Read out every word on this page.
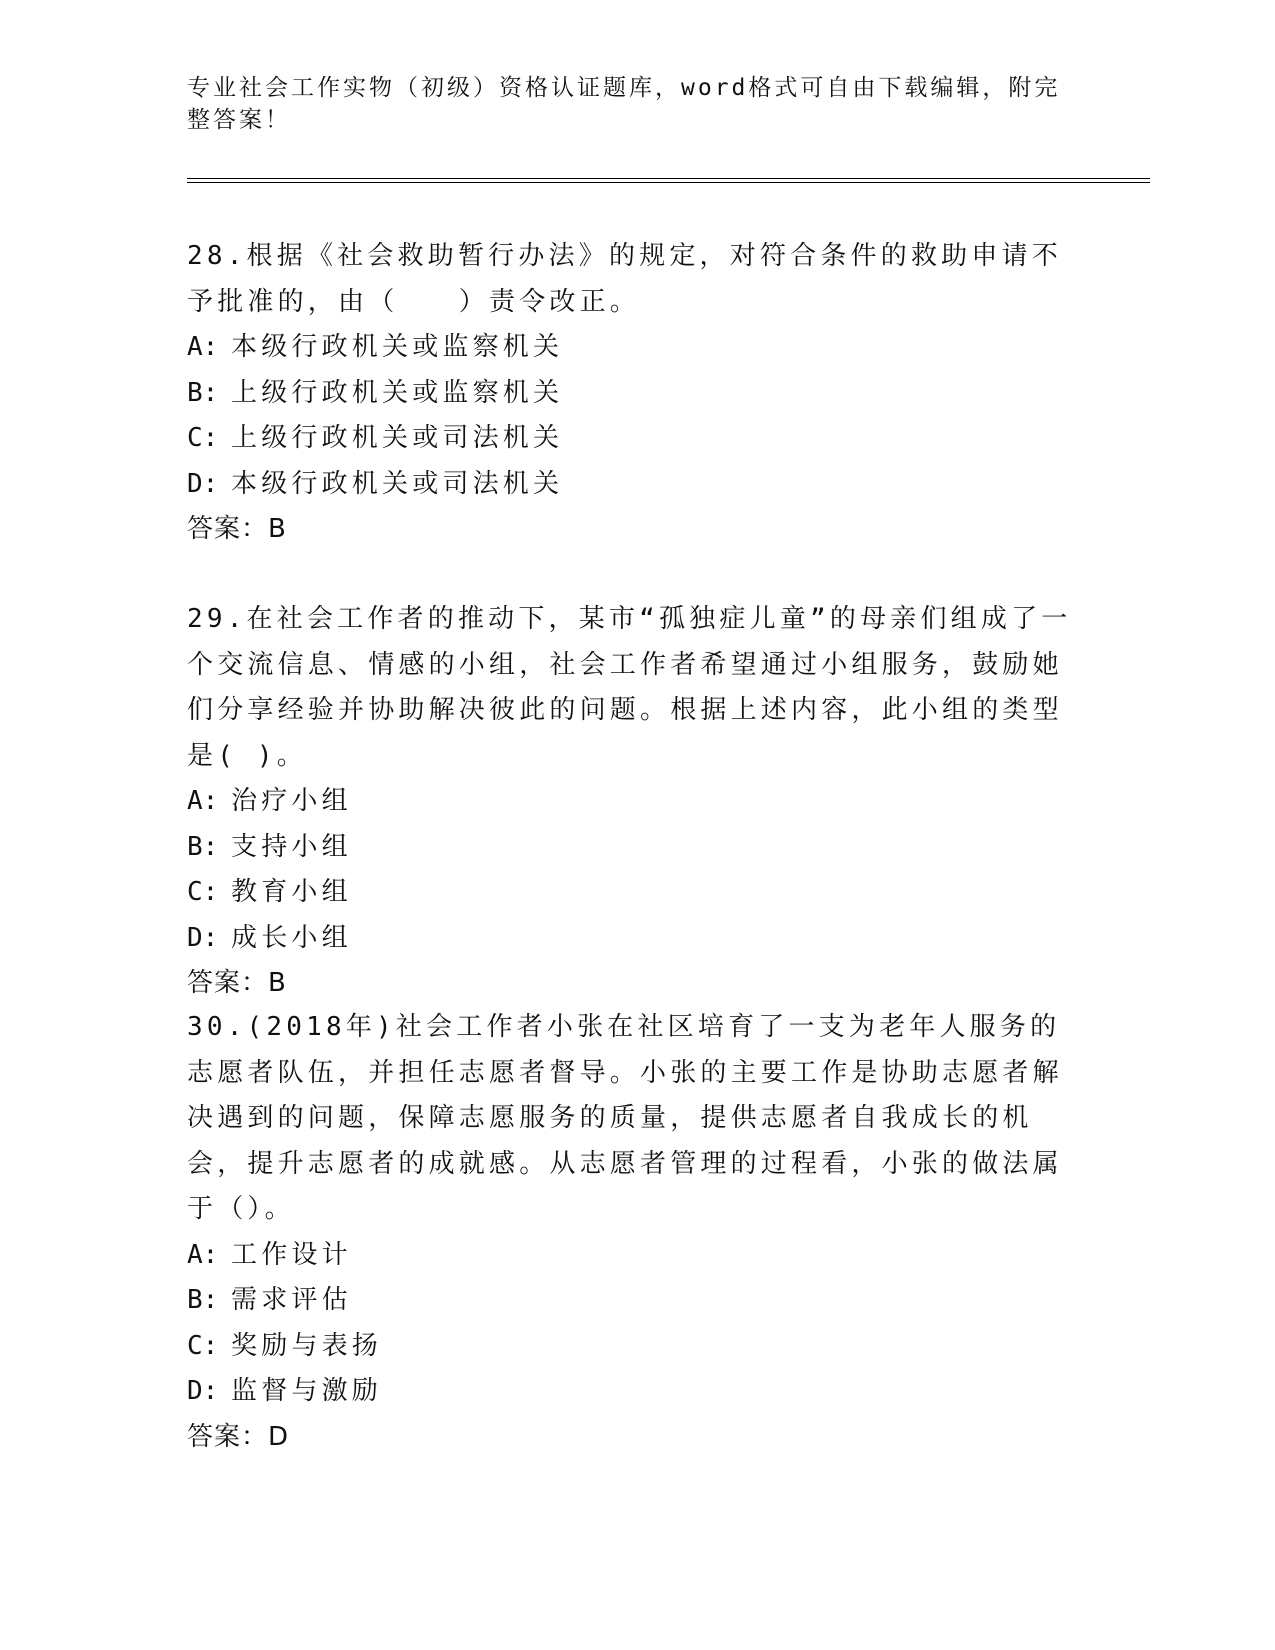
专业社会工作实物（初级）资格认证题库，word格式可自由下载编辑，附完整答案！
28.根据《社会救助暂行办法》的规定，对符合条件的救助申请不予批准的，由（　　）责令改正。
A: 本级行政机关或监察机关
B: 上级行政机关或监察机关
C: 上级行政机关或司法机关
D: 本级行政机关或司法机关
答案：B
29.在社会工作者的推动下，某市“孤独症儿童”的母亲们组成了一个交流信息、情感的小组，社会工作者希望通过小组服务，鼓励她们分享经验并协助解决彼此的问题。根据上述内容，此小组的类型是( )。
A: 治疗小组
B: 支持小组
C: 教育小组
D: 成长小组
答案：B
30.(2018年)社会工作者小张在社区培育了一支为老年人服务的志愿者队伍，并担任志愿者督导。小张的主要工作是协助志愿者解决遇到的问题，保障志愿服务的质量，提供志愿者自我成长的机会，提升志愿者的成就感。从志愿者管理的过程看，小张的做法属于（）。
A: 工作设计
B: 需求评估
C: 奖励与表扬
D: 监督与激励
答案：D
